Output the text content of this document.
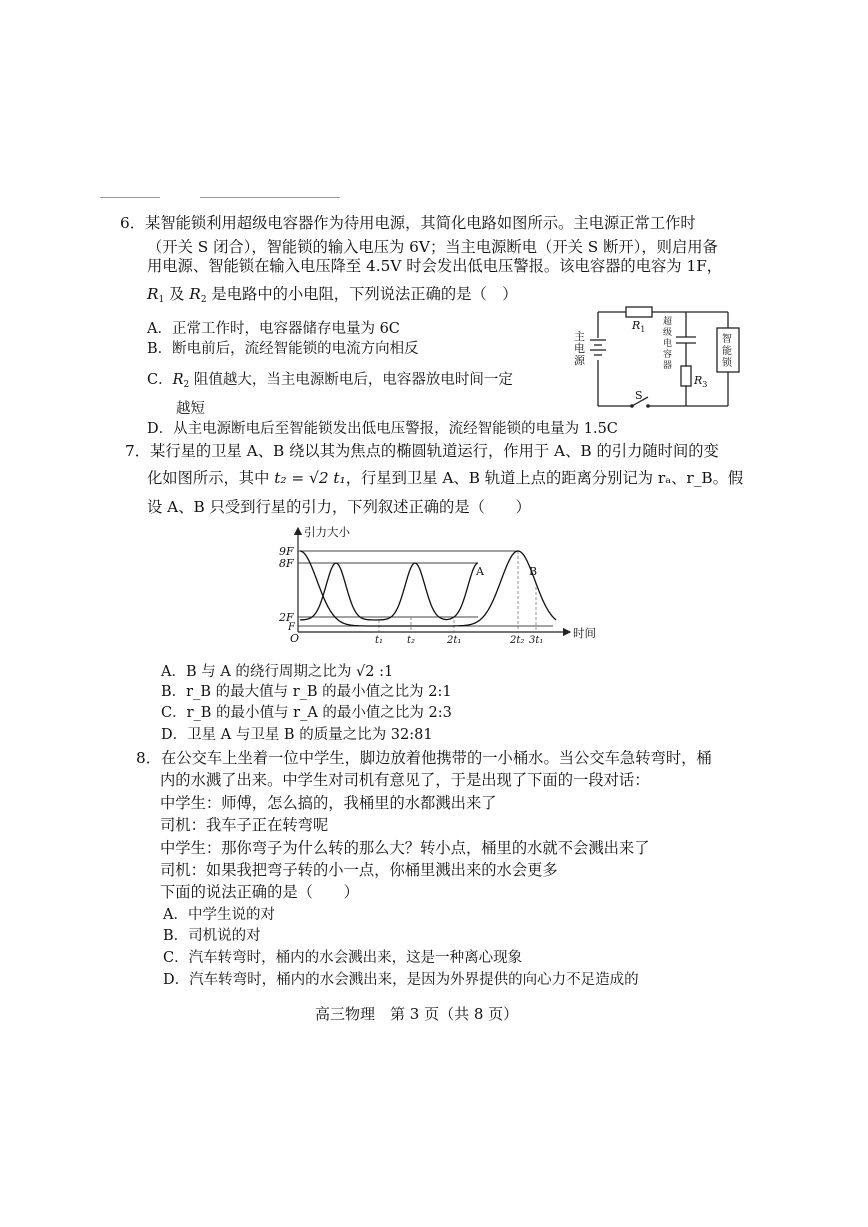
6．某智能锁利用超级电容器作为待用电源，其简化电路如图所示。主电源正常工作时
（开关 S 闭合），智能锁的输入电压为 6V；当主电源断电（开关 S 断开），则启用备
用电源、智能锁在输入电压降至 4.5V 时会发出低电压警报。该电容器的电容为 1F，
$R_1$ 及 $R_2$ 是电路中的小电阻，下列说法正确的是（　）
A．正常工作时，电容器储存电量为 6C
B．断电前后，流经智能锁的电流方向相反
C．$R_2$ 阻值越大，当主电源断电后，电容器放电时间一定
越短
D．从主电源断电后至智能锁发出低电压警报，流经智能锁的电量为 1.5C
$R_1$
$R_3$
S
主
电
源
超
级
电
容
器
智
能
锁
7．某行星的卫星 A、B 绕以其为焦点的椭圆轨道运行，作用于 A、B 的引力随时间的变
化如图所示，其中 t₂ = √2 t₁，行星到卫星 A、B 轨道上点的距离分别记为 rₐ、r_B。假
设 A、B 只受到行星的引力，下列叙述正确的是（　　）
引力大小
时间
9F
8F
2F
F
O	t₁ t₂	2t₁	2t₂ 3t₁
A	B
A．B 与 A 的绕行周期之比为 √2 :1
B．r_B 的最大值与 r_B 的最小值之比为 2:1
C．r_B 的最小值与 r_A 的最小值之比为 2:3
D．卫星 A 与卫星 B 的质量之比为 32:81
8．在公交车上坐着一位中学生，脚边放着他携带的一小桶水。当公交车急转弯时，桶
内的水溅了出来。中学生对司机有意见了，于是出现了下面的一段对话：
中学生：师傅，怎么搞的，我桶里的水都溅出来了
司机：我车子正在转弯呢
中学生：那你弯子为什么转的那么大？转小点，桶里的水就不会溅出来了
司机：如果我把弯子转的小一点，你桶里溅出来的水会更多
下面的说法正确的是（　　）
A．中学生说的对
B．司机说的对
C．汽车转弯时，桶内的水会溅出来，这是一种离心现象
D．汽车转弯时，桶内的水会溅出来，是因为外界提供的向心力不足造成的
高三物理　第 3 页（共 8 页）
